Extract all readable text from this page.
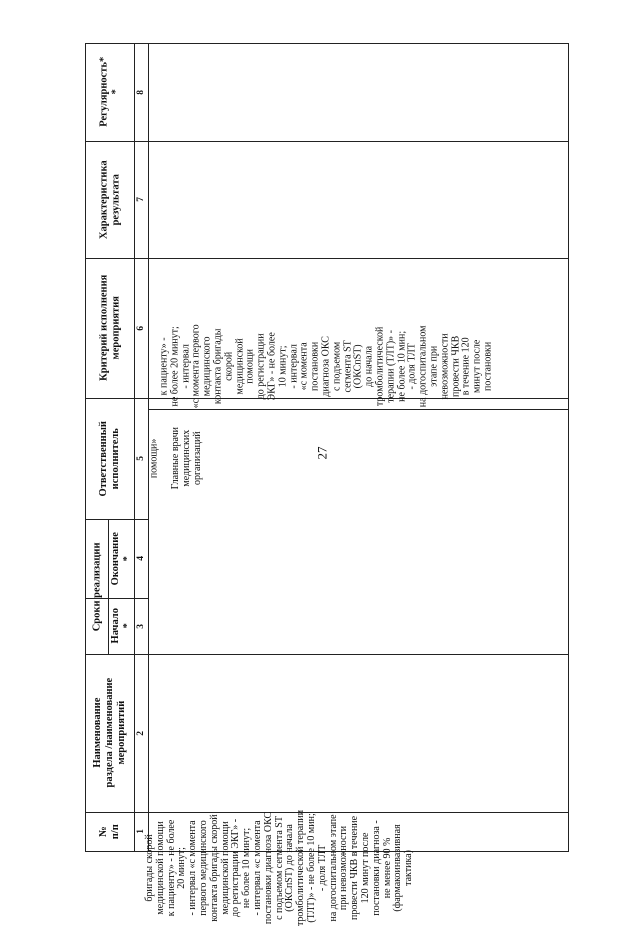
27
№
п/п
Наименование
раздела /наименование
мероприятий
Сроки реализации Начало
*
Окончание
*
Ответственный
исполнитель
Критерий исполнения
мероприятия
Характеристика
результата
Регулярность*
*
1
2
3
4
5
6
7
8
бригады скорой
медицинской помощи
к пациенту» - не более
20 минут;
- интервал «с момента
первого медицинского
контакта бригады скорой
медицинской помощи
до регистрации ЭКГ» -
не более 10 минут;
- интервал «с момента
постановки диагноза ОКС
с подъемом сегмента ST
(ОКСпST) до начала
тромболитической терапии
(ТЛТ)» - не более 10 мин;
- доля ТЛТ
на догоспитальном этапе
при невозможности
провести ЧКВ в течение
120 минут после
постановки диагноза -
не менее 90 %
(фармакоинвазивная
тактика)
помощи» Главные врачи
медицинских
организаций
к пациенту» -
не более 20 минут;
- интервал
«с момента первого
медицинского
контакта бригады
скорой
медицинской
помощи
до регистрации
ЭКГ» - не более
10 минут;
- интервал
«с момента
постановки
диагноза ОКС
с подъемом
сегмента ST
(ОКСпST)
до начала
тромболитической
терапии (ТЛТ)» -
не более 10 мин;
- доля ТЛТ
на догоспитальном
этапе при
невозможности
провести ЧКВ
в течение 120
минут после
постановки
